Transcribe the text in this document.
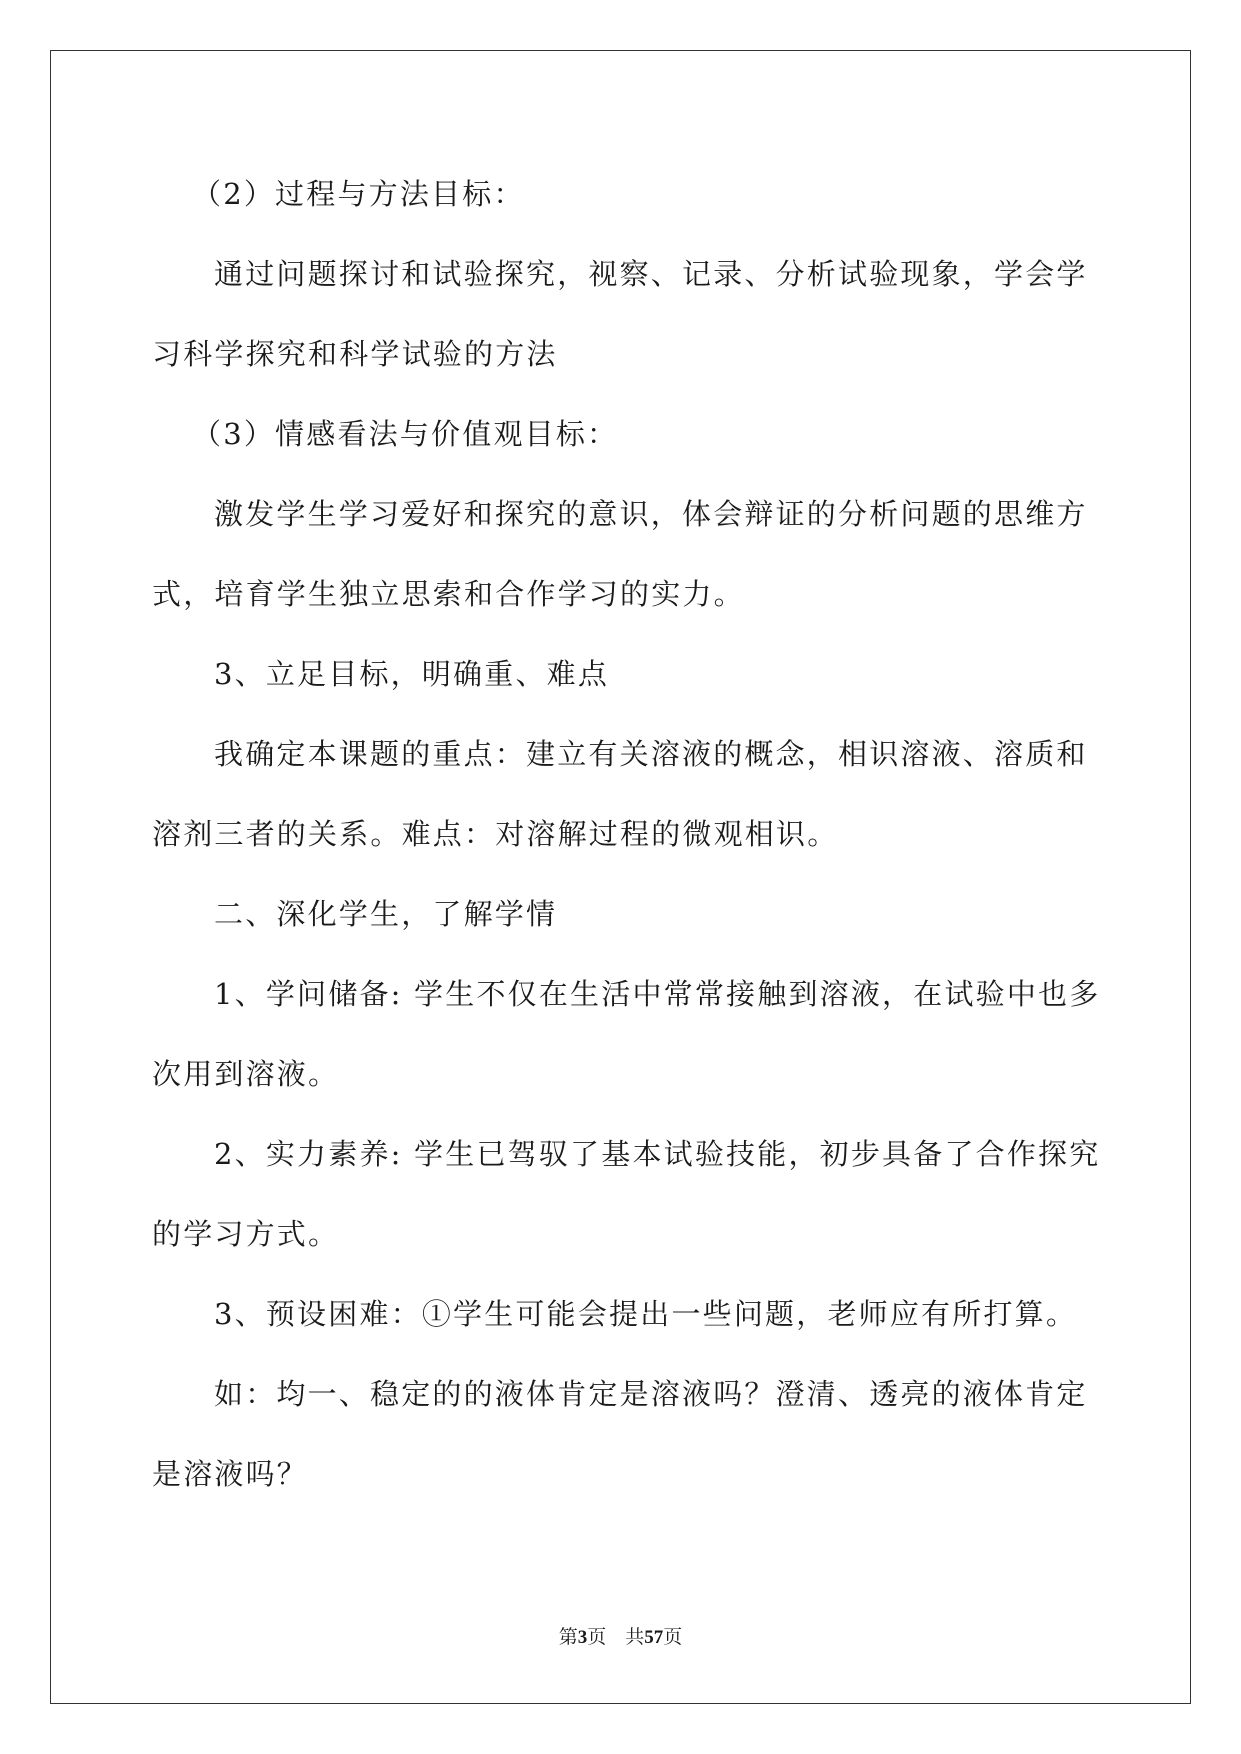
（2）过程与方法目标：
通过问题探讨和试验探究，视察、记录、分析试验现象，学会学
习科学探究和科学试验的方法
（3）情感看法与价值观目标：
激发学生学习爱好和探究的意识，体会辩证的分析问题的思维方
式，培育学生独立思索和合作学习的实力。
3、立足目标，明确重、难点
我确定本课题的重点：建立有关溶液的概念，相识溶液、溶质和
溶剂三者的关系。难点：对溶解过程的微观相识。
二、深化学生，了解学情
1、学问储备: 学生不仅在生活中常常接触到溶液，在试验中也多
次用到溶液。
2、实力素养: 学生已驾驭了基本试验技能，初步具备了合作探究
的学习方式。
3、预设困难：①学生可能会提出一些问题，老师应有所打算。
如：均一、稳定的的液体肯定是溶液吗？澄清、透亮的液体肯定
是溶液吗？
第3页    共57页
